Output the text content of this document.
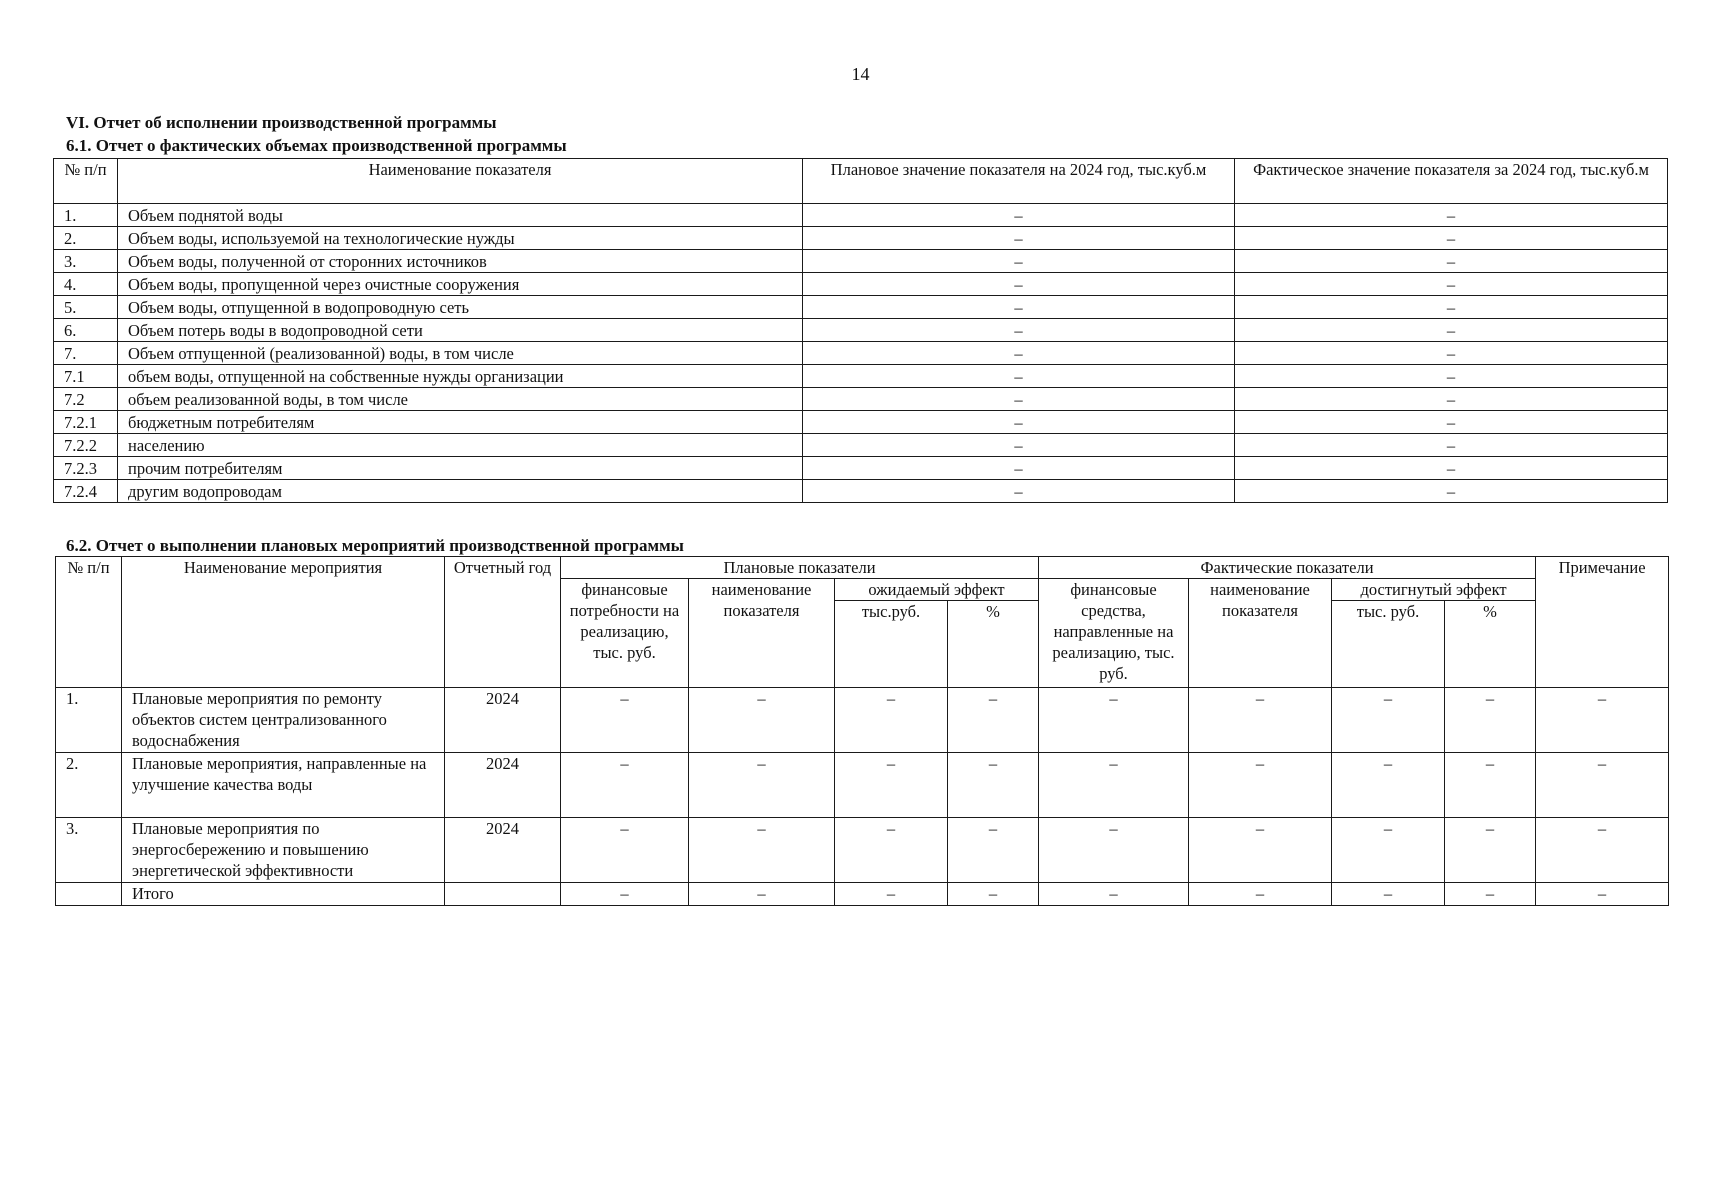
14
VI. Отчет об исполнении производственной программы
6.1. Отчет о фактических объемах производственной программы
№ п/п	Наименование показателя	Плановое значение показателя на 2024 год, тыс.куб.м	Фактическое значение показателя за 2024 год, тыс.куб.м
1.	Объем поднятой воды	–	–
2.	Объем воды, используемой на технологические нужды	–	–
3.	Объем воды, полученной от сторонних источников	–	–
4.	Объем воды, пропущенной через очистные сооружения	–	–
5.	Объем воды, отпущенной в водопроводную сеть	–	–
6.	Объем потерь воды в водопроводной сети	–	–
7.	Объем отпущенной (реализованной) воды, в том числе	–	–
7.1	объем воды, отпущенной на собственные нужды организации	–	–
7.2	объем реализованной воды, в том числе	–	–
7.2.1	бюджетным потребителям	–	–
7.2.2	населению	–	–
7.2.3	прочим потребителям	–	–
7.2.4	другим водопроводам	–	–
6.2. Отчет о выполнении плановых мероприятий производственной программы
№ п/п	Наименование мероприятия	Отчетный год	Плановые показатели				Фактические показатели				Примечание
			финансовые потребности на реализацию, тыс. руб.	наименование показателя	ожидаемый эффект		финансовые средства, направленные на реализацию, тыс. руб.	наименование показателя	достигнутый эффект		
					тыс.руб.	%			тыс. руб.	%	
1.	Плановые мероприятия по ремонту объектов систем централизованного водоснабжения	2024	–	–	–	–	–	–	–	–	–
2.	Плановые мероприятия, направленные на улучшение качества воды	2024	–	–	–	–	–	–	–	–	–
3.	Плановые мероприятия по энергосбережению и повышению энергетической эффективности	2024	–	–	–	–	–	–	–	–	–
	Итого		–	–	–	–	–	–	–	–	–
